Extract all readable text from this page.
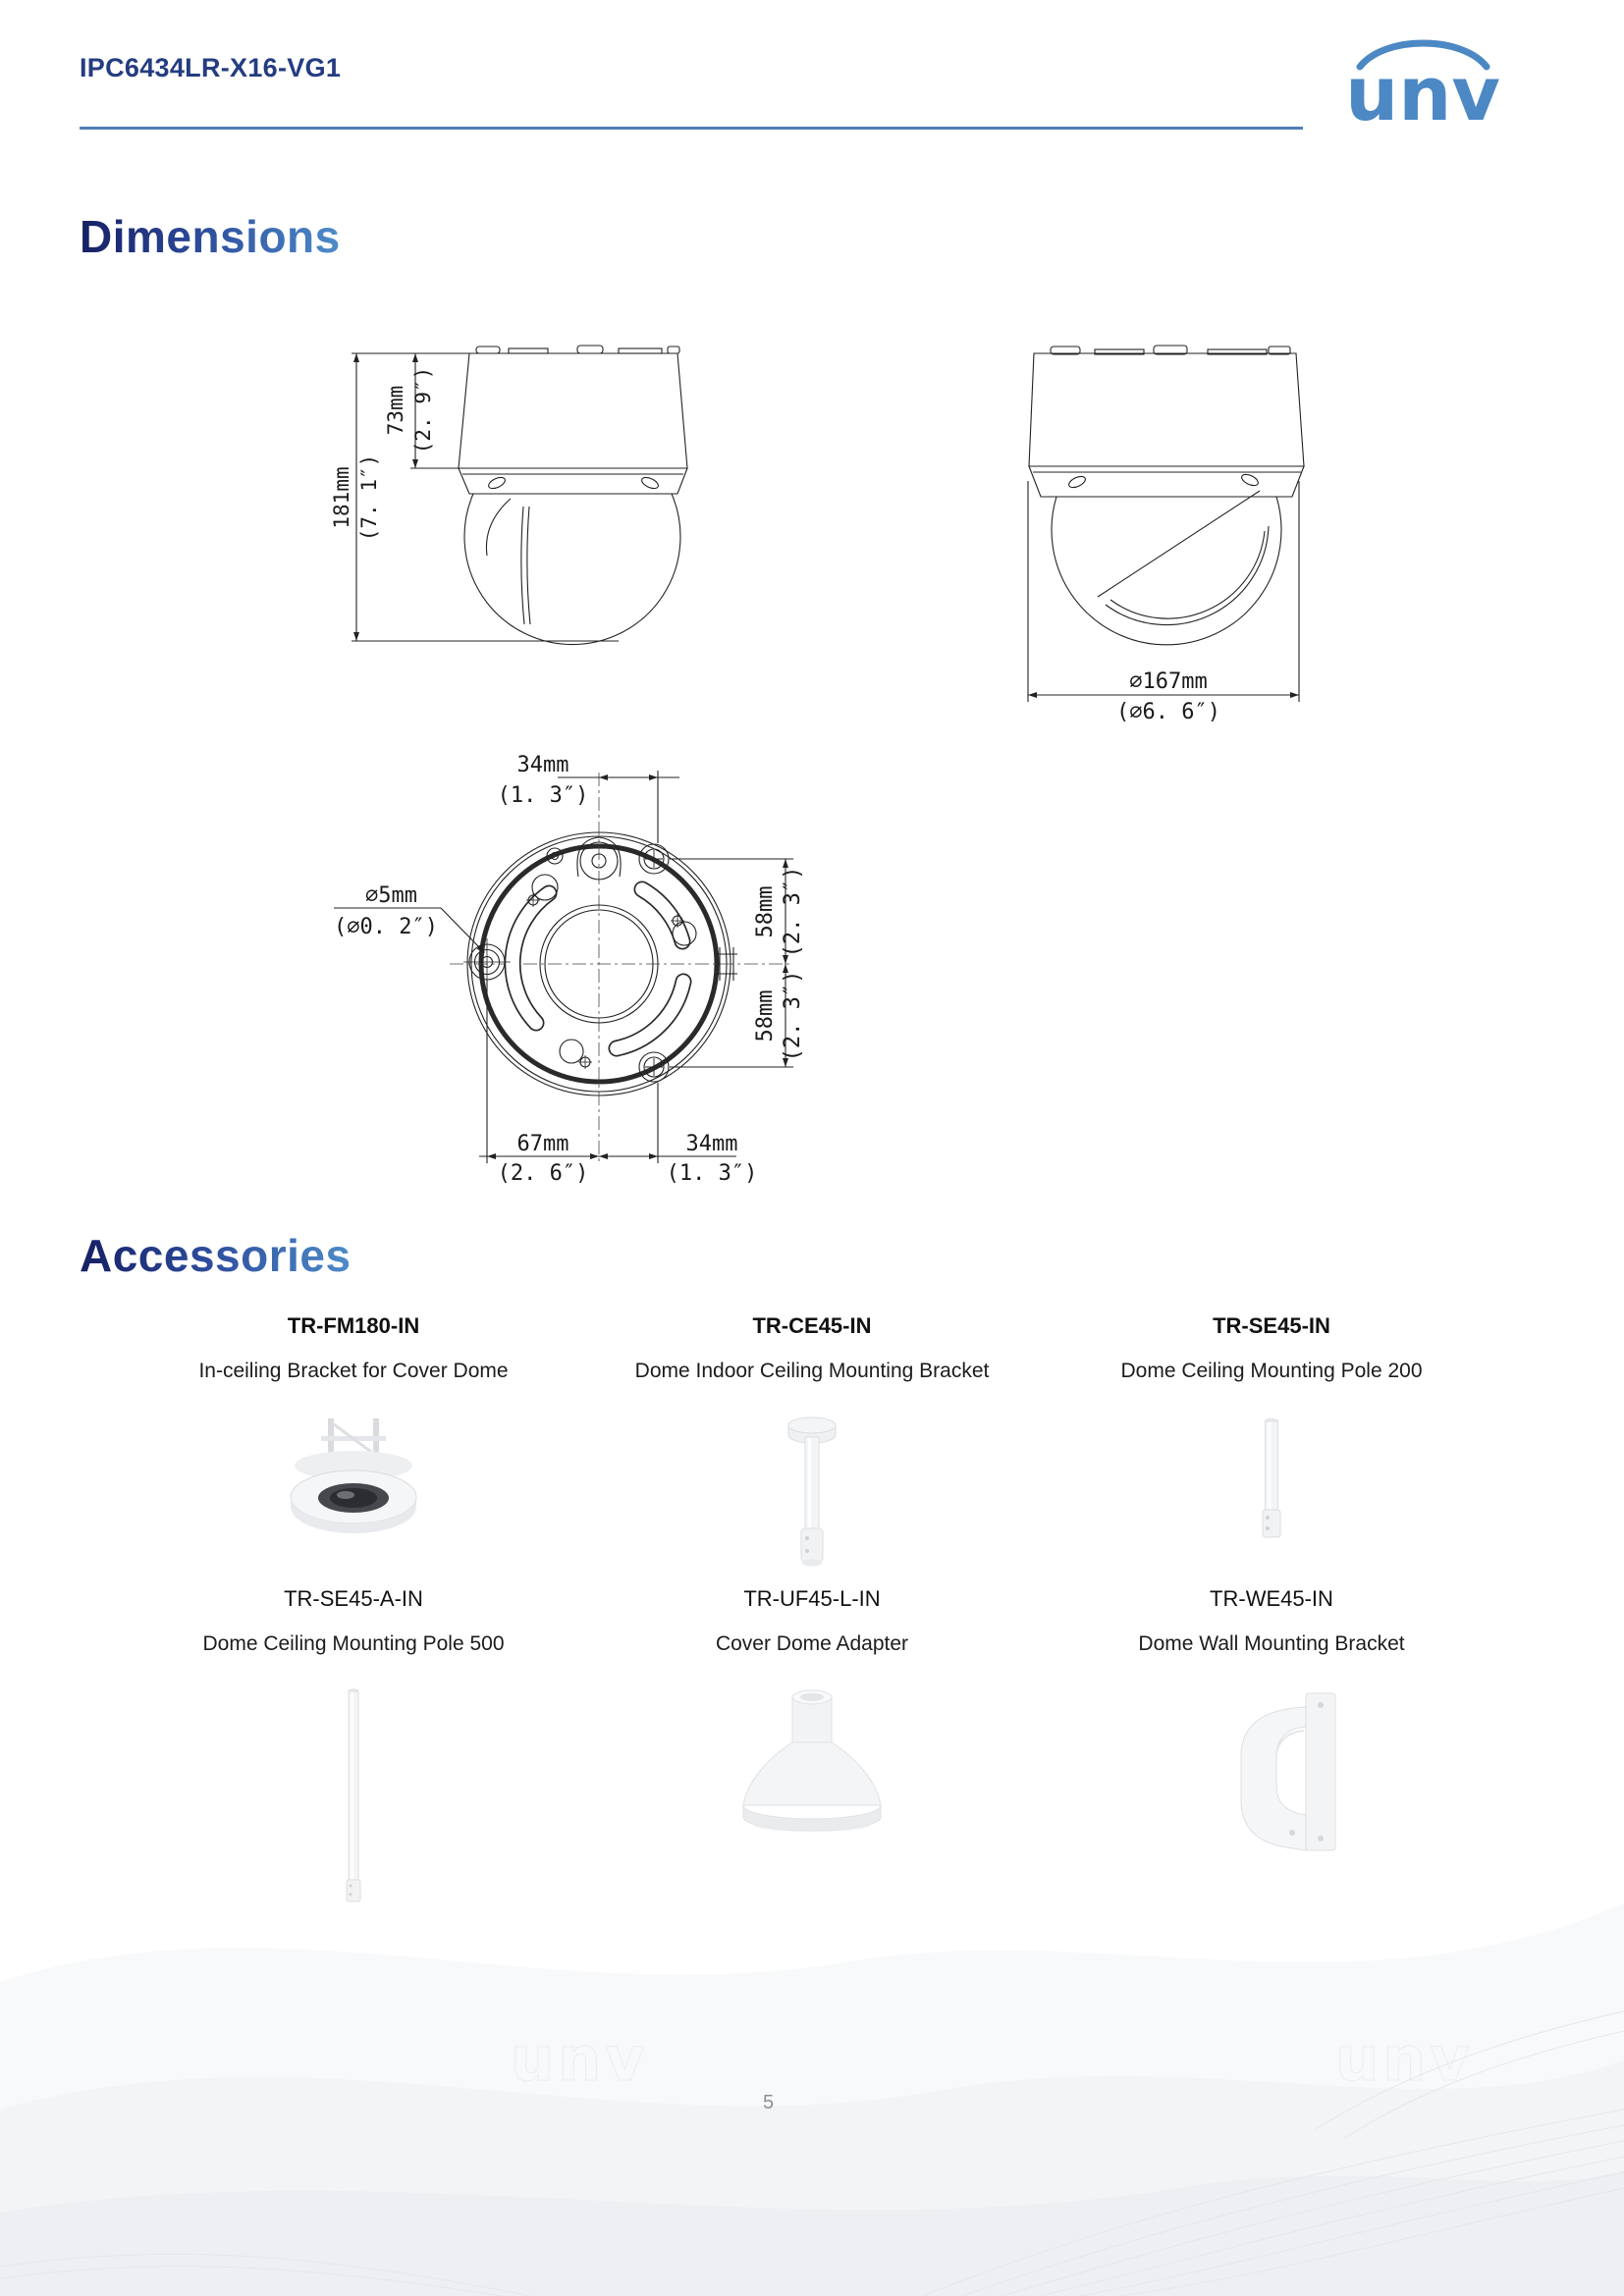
IPC6434LR-X16-VG1	unv
Dimensions
181mm (7. 1″)
73mm (2. 9″)
∅167mm
(∅6. 6″)
34mm
(1. 3″)
∅5mm
(∅0. 2″)	58mm (2. 3″)
58mm (2. 3″)
67mm
(2. 6″)
34mm
(1. 3″)
Accessories
TR-FM180-IN
In-ceiling Bracket for Cover Dome
TR-CE45-IN
Dome Indoor Ceiling Mounting Bracket
TR-SE45-IN
Dome Ceiling Mounting Pole 200
TR-SE45-A-IN
Dome Ceiling Mounting Pole 500
TR-UF45-L-IN
Cover Dome Adapter
TR-WE45-IN
Dome Wall Mounting Bracket
unv	unv
5
